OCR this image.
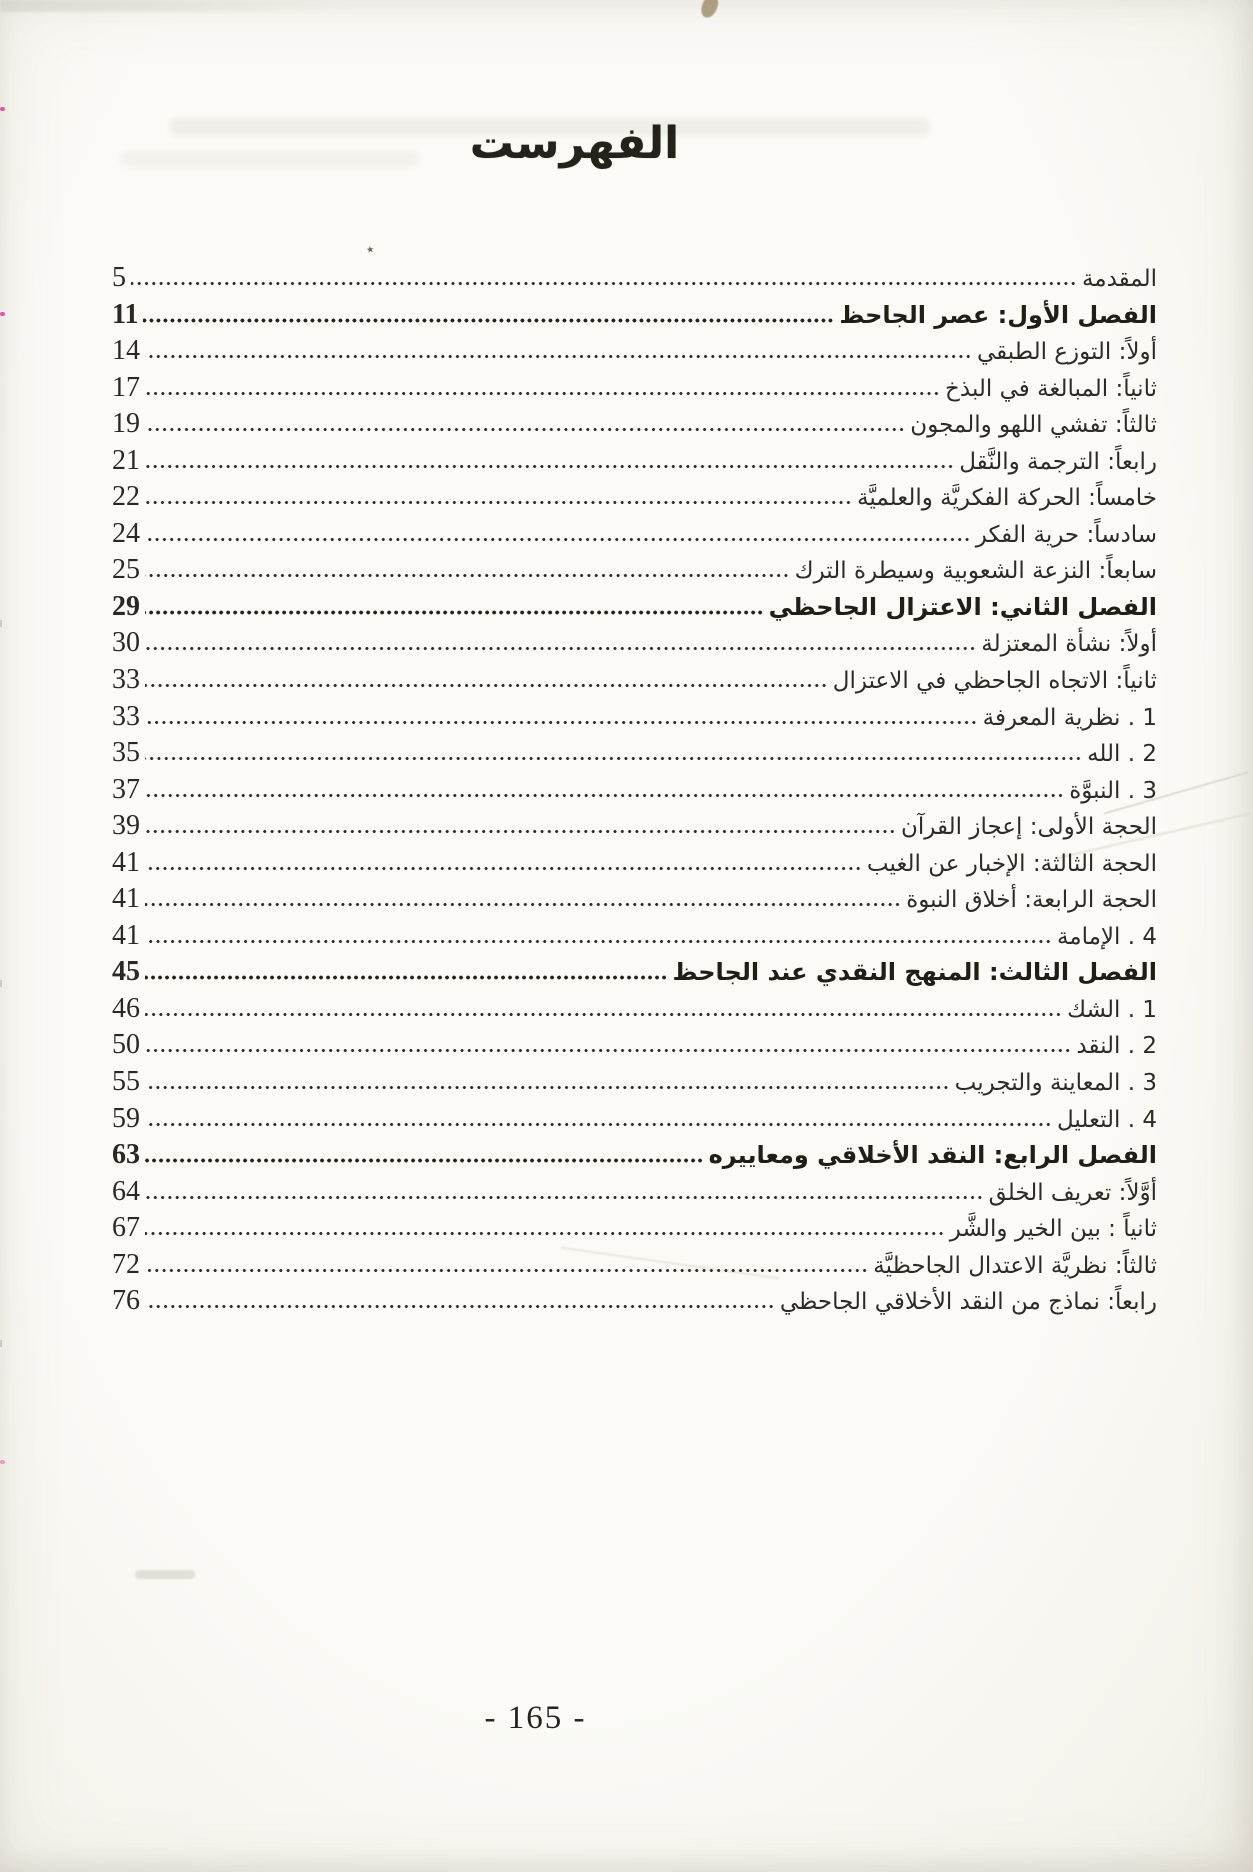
٭
الفهرست
المقدمة
5
الفصل الأول: عصر الجاحظ
11
أولاً: التوزع الطبقي
14
ثانياً: المبالغة في البذخ
17
ثالثاً: تفشي اللهو والمجون
19
رابعاً: الترجمة والنَّقل
21
خامساً: الحركة الفكريَّة والعلميَّة
22
سادساً: حرية الفكر
24
سابعاً: النزعة الشعوبية وسيطرة الترك
25
الفصل الثاني: الاعتزال الجاحظي
29
أولاً: نشأة المعتزلة
30
ثانياً: الاتجاه الجاحظي في الاعتزال
33
1 . نظرية المعرفة
33
2 . الله
35
3 . النبوَّة
37
الحجة الأولى: إعجاز القرآن
39
الحجة الثالثة: الإخبار عن الغيب
41
الحجة الرابعة: أخلاق النبوة
41
4 . الإمامة
41
الفصل الثالث: المنهج النقدي عند الجاحظ
45
1 . الشك
46
2 . النقد
50
3 . المعاينة والتجريب
55
4 . التعليل
59
الفصل الرابع: النقد الأخلاقي ومعاييره
63
أوَّلاً: تعريف الخلق
64
ثانياً : بين الخير والشَّر
67
ثالثاً: نظريَّة الاعتدال الجاحظيَّة
72
رابعاً: نماذج من النقد الأخلاقي الجاحظي
76
- 165 -
